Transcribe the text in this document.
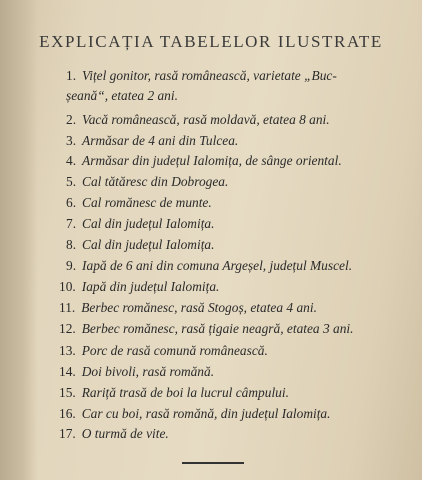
EXPLICAȚIA TABELELOR ILUSTRATE
1. Vițel gonitor, rasă românească, varietate „Buc-
șeană“, etatea 2 ani.
2. Vacă românească, rasă moldavă, etatea 8 ani.
3. Armăsar de 4 ani din Tulcea.
4. Armăsar din județul Ialomița, de sânge oriental.
5. Cal tătăresc din Dobrogea.
6. Cal romănesc de munte.
7. Cal din județul Ialomița.
8. Cal din județul Ialomița.
9. Iapă de 6 ani din comuna Argeșel, județul Muscel.
10. Iapă din județul Ialomița.
11. Berbec romănesc, rasă Stogoș, etatea 4 ani.
12. Berbec romănesc, rasă țigaie neagră, etatea 3 ani.
13. Porc de rasă comună românească.
14. Doi bivoli, rasă romănă.
15. Rariță trasă de boi la lucrul câmpului.
16. Car cu boi, rasă romănă, din județul Ialomița.
17. O turmă de vite.
